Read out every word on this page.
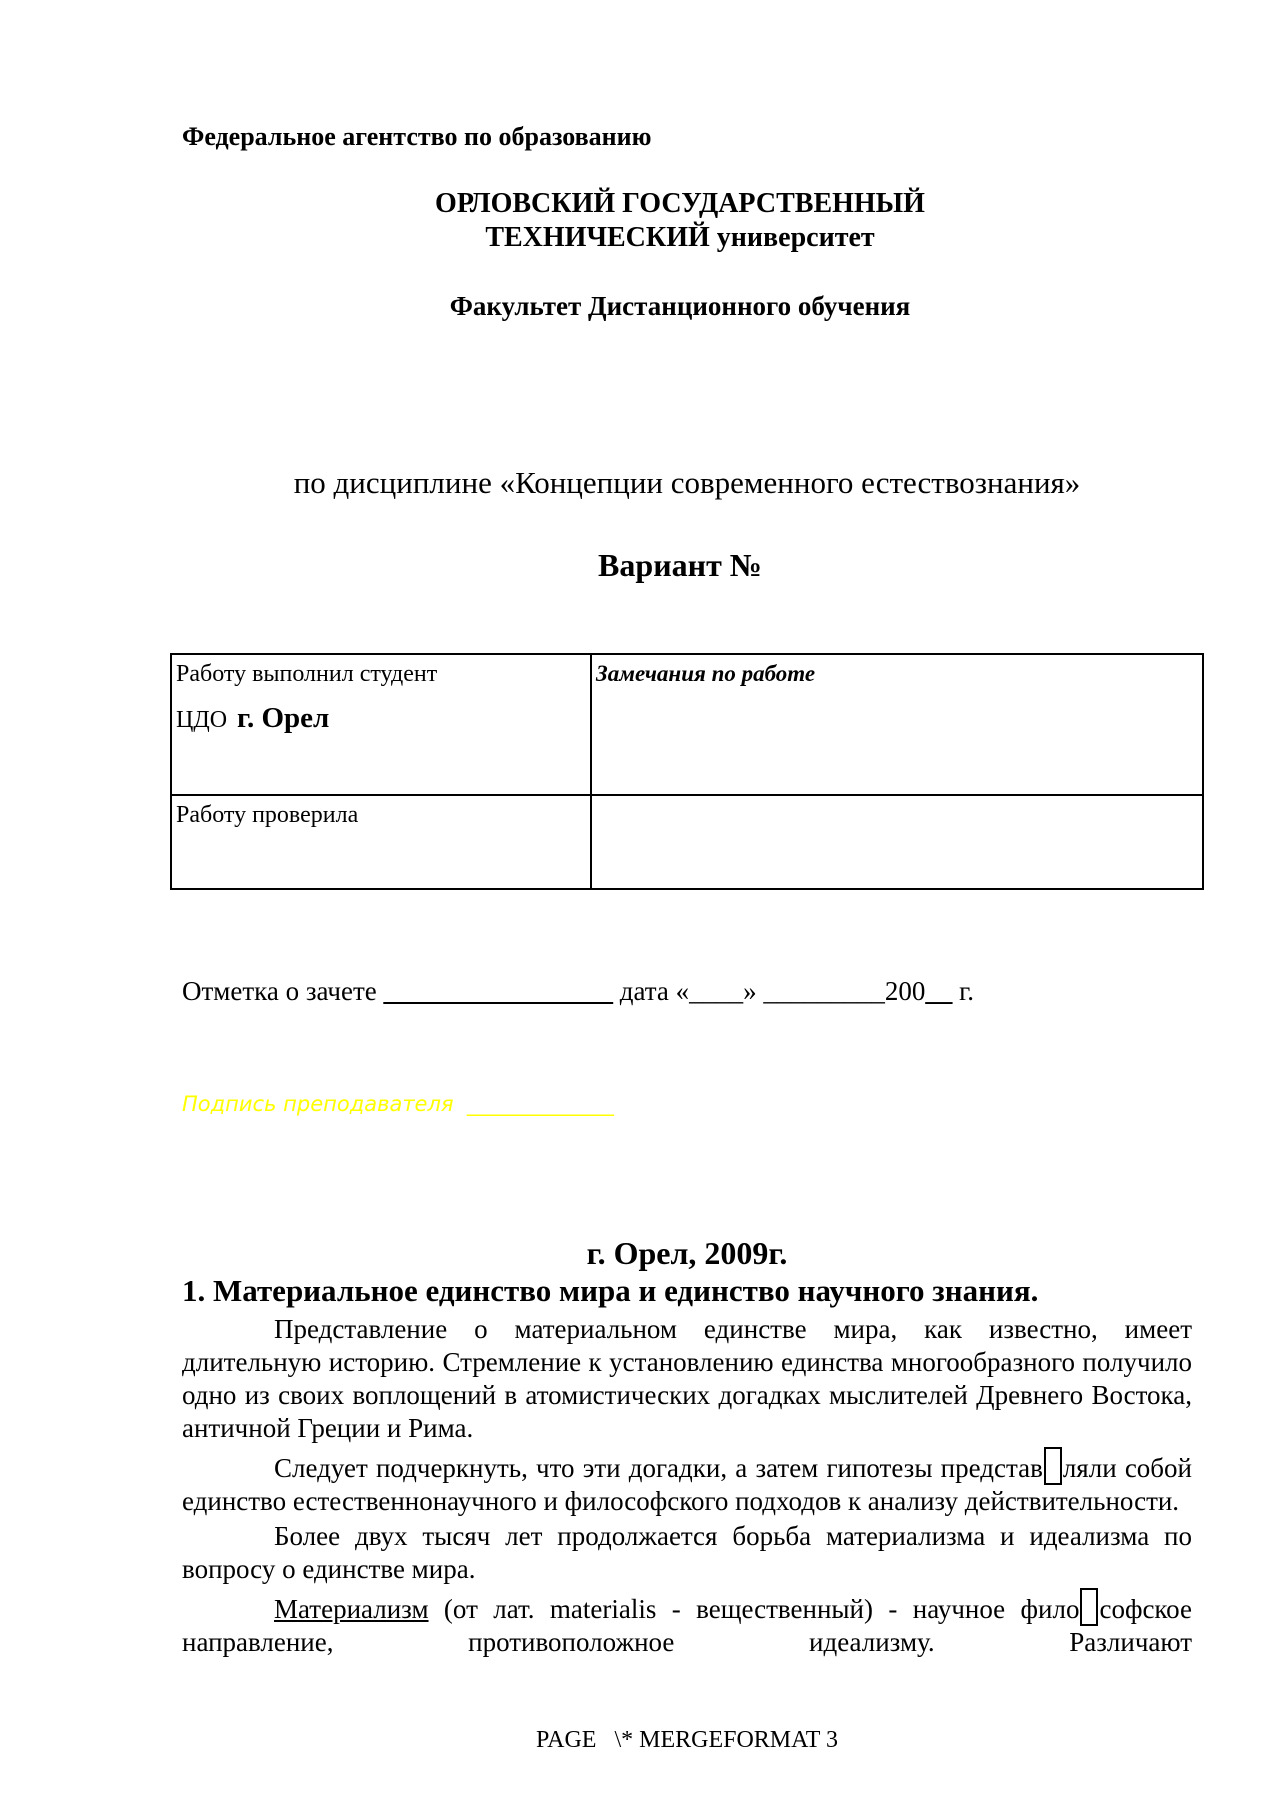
Федеральное агентство по образованию
ОРЛОВСКИЙ ГОСУДАРСТВЕННЫЙ
ТЕХНИЧЕСКИЙ университет
Факультет Дистанционного обучения
по дисциплине «Концепции современного естествознания»
Вариант №
Работу выполнил студент
ЦДО г. Орел	Замечания по работе

Работу проверила	

Отметка о зачете _________________ дата «____» _________200__ г.
Подпись преподавателя  ______________
г. Орел, 2009г.
1. Материальное единство мира и единство научного знания.

Представление о материальном единстве мира, как известно, имеет длительную историю. Стремление к установлению единства многообразного получило одно из своих воплощений в атомистических догадках мыслителей Древнего Востока, античной Греции и Рима.

Следует подчеркнуть, что эти догадки, а затем гипотезы представ ляли собой единство естественнонаучного и философского подходов к анализу действительности.

Более двух тысяч лет продолжается борьба материализма и идеализма по вопросу о единстве мира.

Материализм (от лат. materialis - вещественный) - научное фило софское направление, противоположное идеализму. Различают

PAGE   \* MERGEFORMAT 3
